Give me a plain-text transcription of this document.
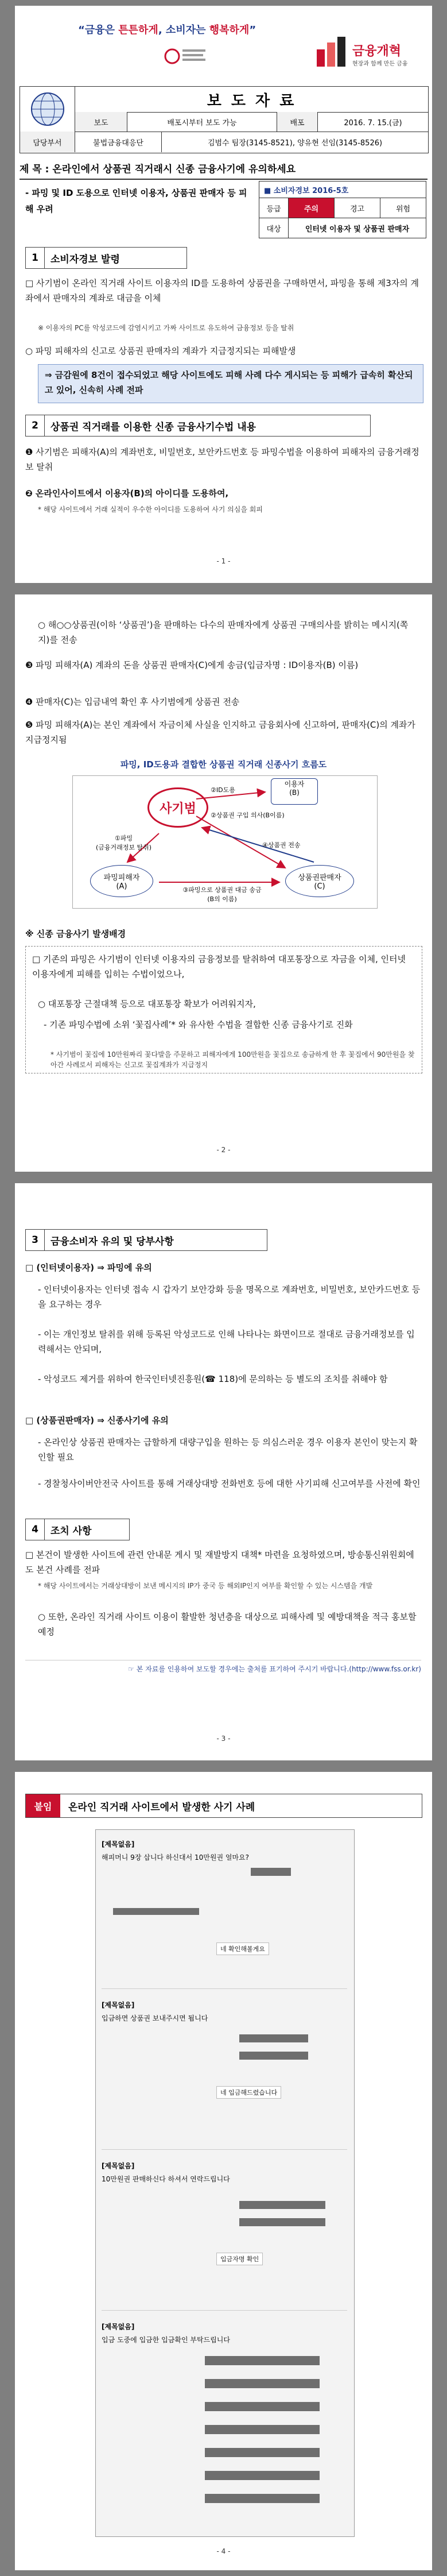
“금융은 튼튼하게, 소비자는 행복하게”
금융개혁
현장과 함께 만든 금융
보 도 자 료
보도	배포시부터 보도 가능	배포	2016. 7. 15.(금)
담당부서	불법금융대응단	김범수 팀장(3145-8521), 양유현 선임(3145-8526)
제 목 : 온라인에서 상품권 직거래시 신종 금융사기에 유의하세요
- 파밍 및 ID 도용으로 인터넷 이용자, 상품권 판매자 등 피해 우려
■ 소비자경보 2016-5호
등급	주의	경고	위험
대상	인터넷 이용자 및 상품권 판매자
1	소비자경보 발령
□ 사기범이 온라인 직거래 사이트 이용자의 ID를 도용하여 상품권을 구매하면서, 파밍을 통해 제3자의 계좌에서 판매자의 계좌로 대금을 이체
※ 이용자의 PC를 악성코드에 감염시키고 가짜 사이트로 유도하여 금융정보 등을 탈취
○ 파밍 피해자의 신고로 상품권 판매자의 계좌가 지급정지되는 피해발생
⇒ 금감원에 8건이 접수되었고 해당 사이트에도 피해 사례 다수 게시되는 등 피해가 급속히 확산되고 있어, 신속히 사례 전파
2	상품권 직거래를 이용한 신종 금융사기수법 내용
❶ 사기범은 피해자(A)의 계좌번호, 비밀번호, 보안카드번호 등 파밍수법을 이용하여 피해자의 금융거래정보 탈취
❷ 온라인사이트에서 이용자(B)의 아이디를 도용하여,
* 해당 사이트에서 거래 실적이 우수한 아이디를 도용하여 사기 의심을 회피
- 1 -
○ 해○○상품권(이하 ‘상품권’)을 판매하는 다수의 판매자에게 상품권 구매의사를 밝히는 메시지(쪽지)를 전송
❸ 파밍 피해자(A) 계좌의 돈을 상품권 판매자(C)에게 송금(입금자명 : ID이용자(B) 이름)
❹ 판매자(C)는 입금내역 확인 후 사기범에게 상품권 전송
❺ 파밍 피해자(A)는 본인 계좌에서 자금이체 사실을 인지하고 금융회사에 신고하여, 판매자(C)의 계좌가 지급정지됨
파밍, ID도용과 결합한 상품권 직거래 신종사기 흐름도
사기범
이용자
(B)
②ID도용
②상품권 구입 의사(B이름)
①파밍
(금융거래정보 탈취)
파밍피해자
(A)
상품권판매자
(C)
④상품권 전송
③파밍으로 상품권 대금 송금
(B의 이름)
※ 신종 금융사기 발생배경
□ 기존의 파밍은 사기범이 인터넷 이용자의 금융정보를 탈취하여 대포통장으로 자금을 이체, 인터넷 이용자에게 피해를 입히는 수법이었으나,
○ 대포통장 근절대책 등으로 대포통장 확보가 어려워지자,
- 기존 파밍수법에 소위 ‘꽃집사례’* 와 유사한 수법을 결합한 신종 금융사기로 진화
* 사기범이 꽃집에 10만원짜리 꽃다발을 주문하고 피해자에게 100만원을 꽃집으로 송금하게 한 후 꽃집에서 90만원을 찾아간 사례로서 피해자는 신고로 꽃집계좌가 지급정지
- 2 -
3	금융소비자 유의 및 당부사항
□ (인터넷이용자) ⇒ 파밍에 유의
- 인터넷이용자는 인터넷 접속 시 갑자기 보안강화 등을 명목으로 계좌번호, 비밀번호, 보안카드번호 등을 요구하는 경우
- 이는 개인정보 탈취를 위해 등록된 악성코드로 인해 나타나는 화면이므로 절대로 금융거래정보를 입력해서는 안되며,
- 악성코드 제거를 위하여 한국인터넷진흥원(☎ 118)에 문의하는 등 별도의 조치를 취해야 함
□ (상품권판매자) ⇒ 신종사기에 유의
- 온라인상 상품권 판매자는 급할하게 대량구입을 원하는 등 의심스러운 경우 이용자 본인이 맞는지 확인할 필요
- 경찰청사이버안전국 사이트를 통해 거래상대방 전화번호 등에 대한 사기피해 신고여부를 사전에 확인
4	조치 사항
□ 본건이 발생한 사이트에 관련 안내문 게시 및 재발방지 대책* 마련을 요청하였으며, 방송통신위원회에도 본건 사례를 전파
* 해당 사이트에서는 거래상대방이 보낸 메시지의 IP가 중국 등 해외IP인지 여부를 확인할 수 있는 시스템을 개발
○ 또한, 온라인 직거래 사이트 이용이 활발한 청년층을 대상으로 피해사례 및 예방대책을 적극 홍보할 예정
☞ 본 자료를 인용하여 보도할 경우에는 출처를 표기하여 주시기 바랍니다.(http://www.fss.or.kr)
- 3 -
붙임	온라인 직거래 사이트에서 발생한 사기 사례
[제목없음]
해피머니 9장 삽니다 하신대서 10만원권 얼마요?
네 확인해볼게요
[제목없음]
입금하면 상품권 보내주시면 됩니다
네 입금해드렸습니다
[제목없음]
10만원권 판매하신다 하셔서 연락드립니다
입금자명 확인
[제목없음]
입금 도중에 입금한 입금확인 부탁드립니다
- 4 -
